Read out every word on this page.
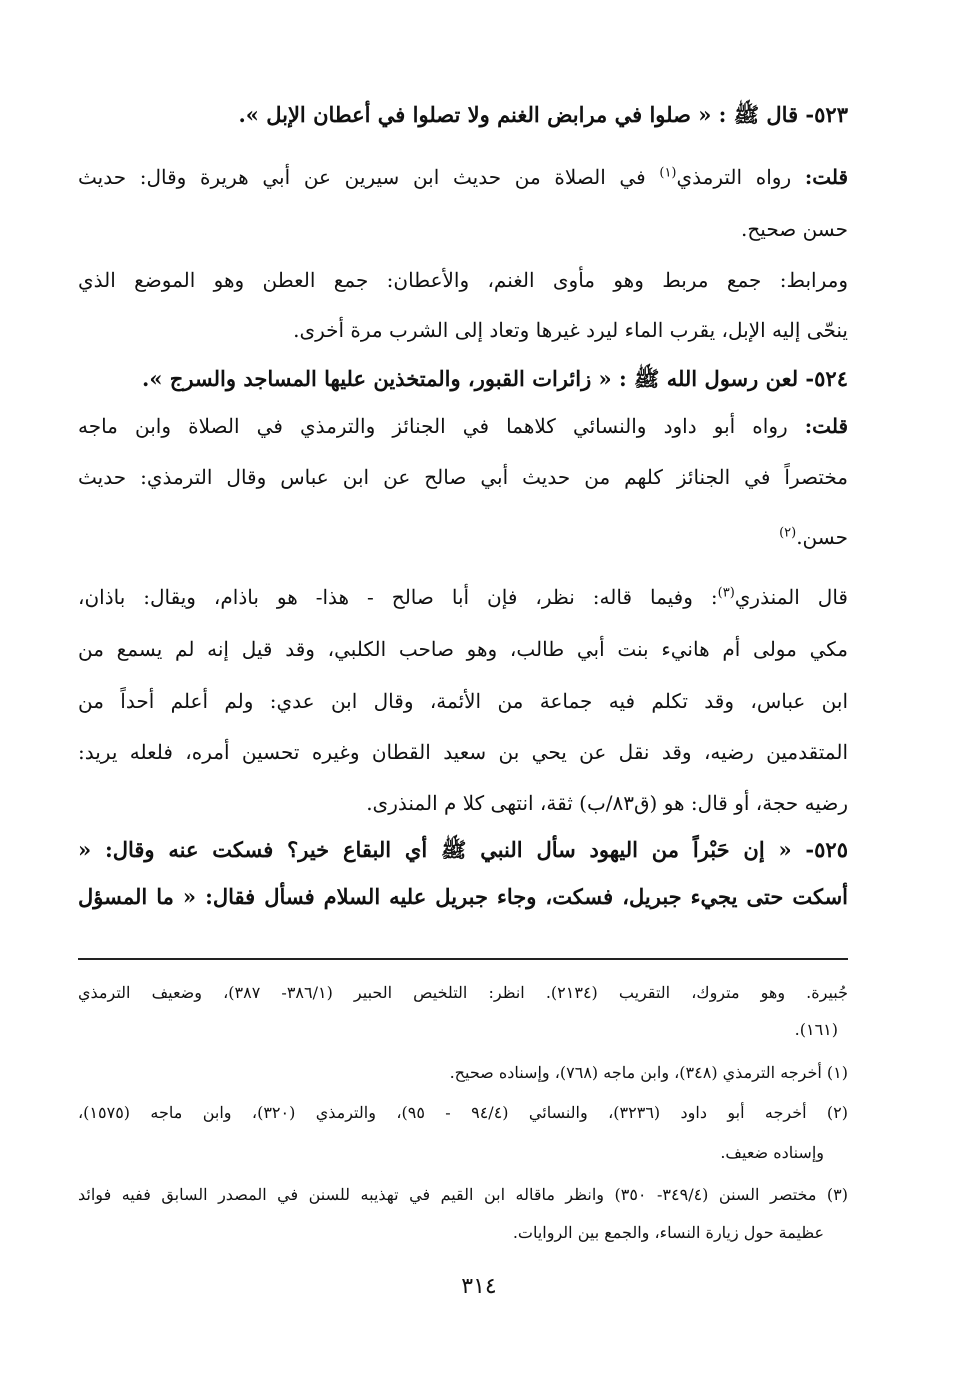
٥٢٣- قال ﷺ : « صلوا في مرابض الغنم ولا تصلوا في أعطان الإبل ».
قلت: رواه الترمذي$^{(١)}$ في الصلاة من حديث ابن سيرين عن أبي هريرة وقال: حديث
حسن صحيح.
ومرابط: جمع مربط وهو مأوى الغنم، والأعطان: جمع العطن وهو الموضع الذي
ينحّى إليه الإبل، يقرب الماء ليرد غيرها وتعاد إلى الشرب مرة أخرى.
٥٢٤- لعن رسول الله ﷺ : « زائرات القبور، والمتخذين عليها المساجد والسرج ».
قلت: رواه أبو داود والنسائي كلاهما في الجنائز والترمذي في الصلاة وابن ماجه
مختصراً في الجنائز كلهم من حديث أبي صالح عن ابن عباس وقال الترمذي: حديث
حسن.$^{(٢)}$
قال المنذري$^{(٣)}$: وفيما قاله: نظر، فإن أبا صالح - هذا- هو باذام، ويقال: باذان،
مكي مولى أم هانيء بنت أبي طالب، وهو صاحب الكلبي، وقد قيل إنه لم يسمع من
ابن عباس، وقد تكلم فيه جماعة من الأئمة، وقال ابن عدي: ولم أعلم أحداً من
المتقدمين رضيه، وقد نقل عن يحي بن سعيد القطان وغيره تحسين أمره، فلعله يريد:
رضيه حجة، أو قال: هو (ق٨٣/ب) ثقة، انتهى كلا م المنذرى.
٥٢٥- « إن حَبْراً من اليهود سأل النبي ﷺ أي البقاع خير؟ فسكت عنه وقال: «
أسكت حتى يجيء جبريل، فسكت، وجاء جبريل عليه السلام فسأل فقال: « ما المسؤل
جُبيرة. وهو متروك، التقريب (٢١٣٤). انظر: التلخيص الحبير (٣٨٦/١- ٣٨٧)، وضعيف الترمذي
(١٦١).
(١) أخرجه الترمذي (٣٤٨)، وابن ماجه (٧٦٨)، وإسناده صحيح.
(٢) أخرجه أبو داود (٣٢٣٦)، والنسائي (٩٤/٤ - ٩٥)، والترمذي (٣٢٠)، وابن ماجه (١٥٧٥)،
وإسناده ضعيف.
(٣) مختصر السنن (٣٤٩/٤- ٣٥٠) وانظر ماقاله ابن القيم في تهذيبه للسنن في المصدر السابق ففيه فوائد
عظيمة حول زيارة النساء، والجمع بين الروايات.
٣١٤
